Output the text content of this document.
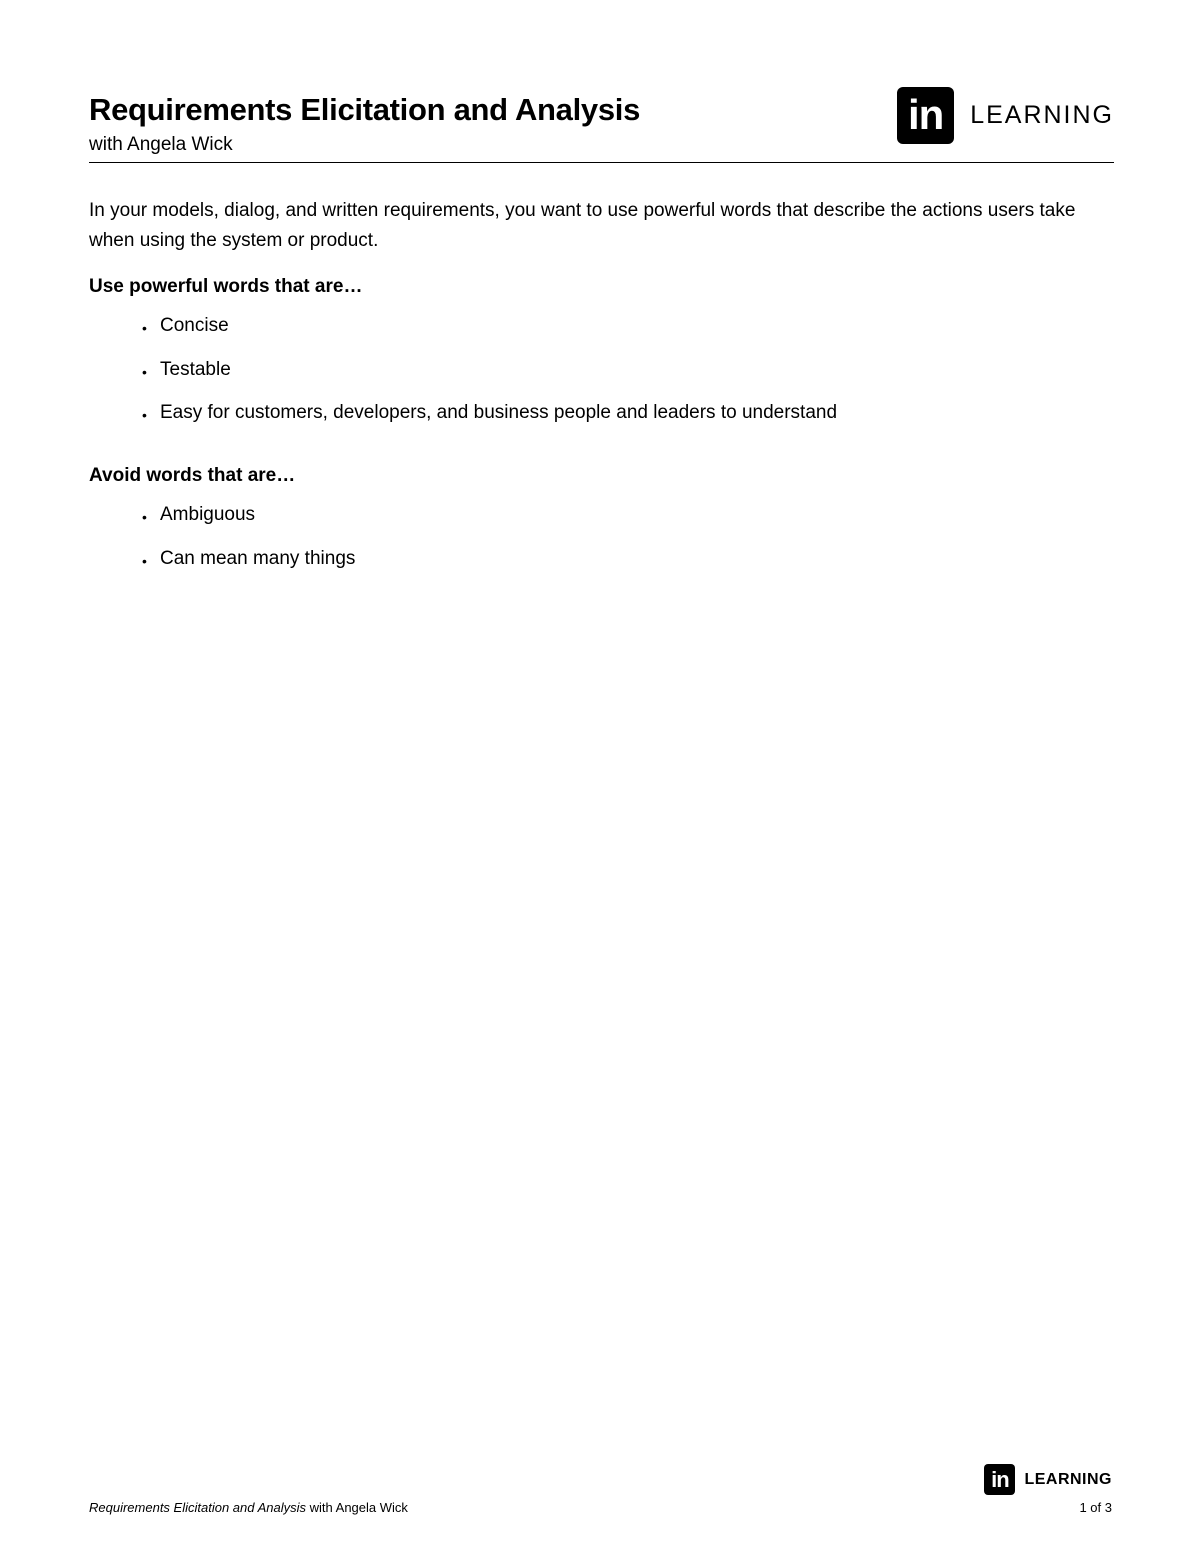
Requirements Elicitation and Analysis
with Angela Wick
in	LEARNING

In your models, dialog, and written requirements, you want to use powerful words that describe the actions users take when using the system or product.

Use powerful words that are…
• Concise
• Testable
• Easy for customers, developers, and business people and leaders to understand
Avoid words that are…
• Ambiguous
• Can mean many things
in LEARNING
Requirements Elicitation and Analysis with Angela Wick	1 of 3
